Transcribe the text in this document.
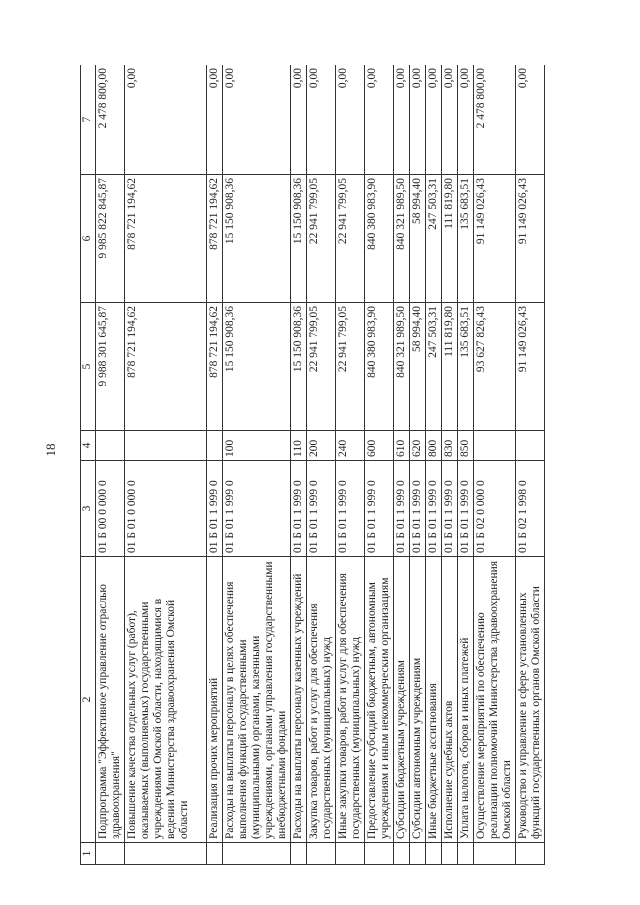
18
1	2	3	4	5	6	7
	Подпрограмма "Эффективное управление отраслью здравоохранения"	01 Б 00 0 000 0		9 988 301 645,87	9 985 822 845,87	2 478 800,00
	Повышение качества отдельных услуг (работ), оказываемых (выполняемых) государственными учреждениями Омской области, находящимися в ведении Министерства здравоохранения Омской области	01 Б 01 0 000 0		878 721 194,62	878 721 194,62	0,00
	Реализация прочих мероприятий	01 Б 01 1 999 0		878 721 194,62	878 721 194,62	0,00
	Расходы на выплаты персоналу в целях обеспечения выполнения функций государственными (муниципальными) органами, казенными учреждениями, органами управления государственными внебюджетными фондами	01 Б 01 1 999 0	100	15 150 908,36	15 150 908,36	0,00
	Расходы на выплаты персоналу казенных учреждений	01 Б 01 1 999 0	110	15 150 908,36	15 150 908,36	0,00
	Закупка товаров, работ и услуг для обеспечения государственных (муниципальных) нужд	01 Б 01 1 999 0	200	22 941 799,05	22 941 799,05	0,00
	Иные закупки товаров, работ и услуг для обеспечения государственных (муниципальных) нужд	01 Б 01 1 999 0	240	22 941 799,05	22 941 799,05	0,00
	Предоставление субсидий бюджетным, автономным учреждениям и иным некоммерческим организациям	01 Б 01 1 999 0	600	840 380 983,90	840 380 983,90	0,00
	Субсидии бюджетным учреждениям	01 Б 01 1 999 0	610	840 321 989,50	840 321 989,50	0,00
	Субсидии автономным учреждениям	01 Б 01 1 999 0	620	58 994,40	58 994,40	0,00
	Иные бюджетные ассигнования	01 Б 01 1 999 0	800	247 503,31	247 503,31	0,00
	Исполнение судебных актов	01 Б 01 1 999 0	830	111 819,80	111 819,80	0,00
	Уплата налогов, сборов и иных платежей	01 Б 01 1 999 0	850	135 683,51	135 683,51	0,00
	Осуществление мероприятий по обеспечению реализации полномочий Министерства здравоохранения Омской области	01 Б 02 0 000 0		93 627 826,43	91 149 026,43	2 478 800,00
	Руководство и управление в сфере установленных функций государственных органов Омской области	01 Б 02 1 998 0		91 149 026,43	91 149 026,43	0,00
